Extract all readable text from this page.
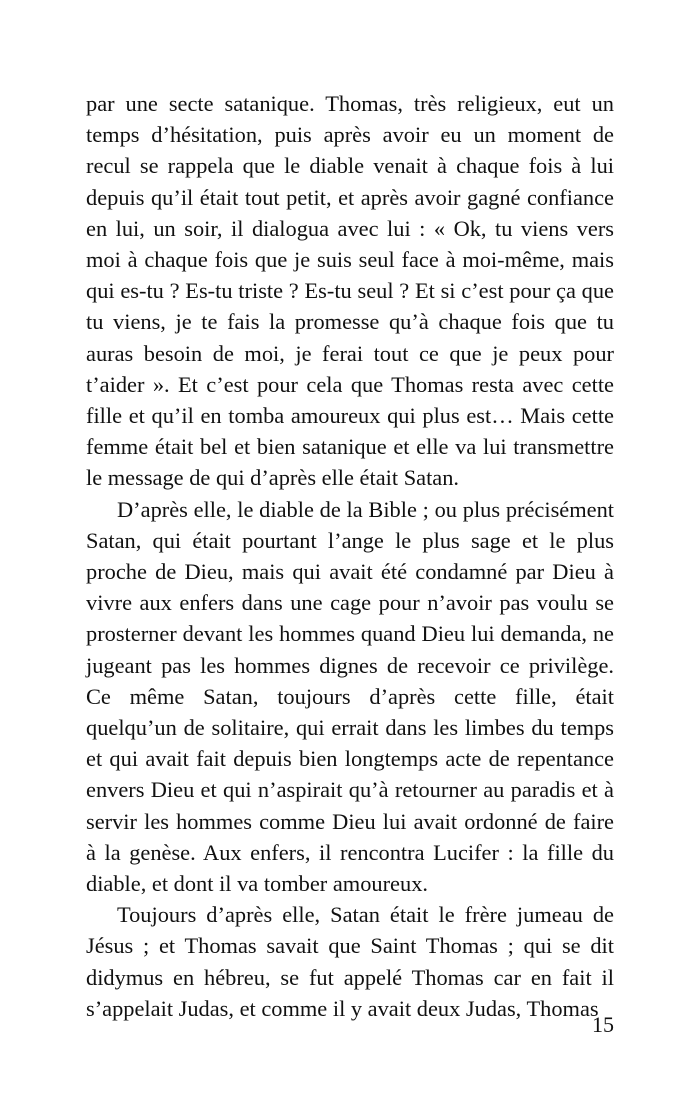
par une secte satanique. Thomas, très religieux, eut un temps d’hésitation, puis après avoir eu un moment de recul se rappela que le diable venait à chaque fois à lui depuis qu’il était tout petit, et après avoir gagné confiance en lui, un soir, il dialogua avec lui : « Ok, tu viens vers moi à chaque fois que je suis seul face à moi-même, mais qui es-tu ? Es-tu triste ? Es-tu seul ? Et si c’est pour ça que tu viens, je te fais la promesse qu’à chaque fois que tu auras besoin de moi, je ferai tout ce que je peux pour t’aider ». Et c’est pour cela que Thomas resta avec cette fille et qu’il en tomba amoureux qui plus est… Mais cette femme était bel et bien satanique et elle va lui transmettre le message de qui d’après elle était Satan.

D’après elle, le diable de la Bible ; ou plus précisément Satan, qui était pourtant l’ange le plus sage et le plus proche de Dieu, mais qui avait été condamné par Dieu à vivre aux enfers dans une cage pour n’avoir pas voulu se prosterner devant les hommes quand Dieu lui demanda, ne jugeant pas les hommes dignes de recevoir ce privilège. Ce même Satan, toujours d’après cette fille, était quelqu’un de solitaire, qui errait dans les limbes du temps et qui avait fait depuis bien longtemps acte de repentance envers Dieu et qui n’aspirait qu’à retourner au paradis et à servir les hommes comme Dieu lui avait ordonné de faire à la genèse. Aux enfers, il rencontra Lucifer : la fille du diable, et dont il va tomber amoureux.

Toujours d’après elle, Satan était le frère jumeau de Jésus ; et Thomas savait que Saint Thomas ; qui se dit didymus en hébreu, se fut appelé Thomas car en fait il s’appelait Judas, et comme il y avait deux Judas, Thomas

15
